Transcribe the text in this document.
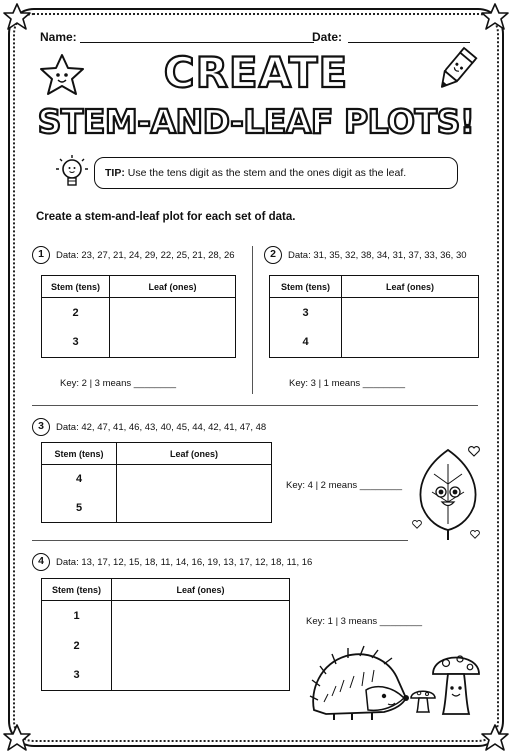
Name:	Date:
CREATE
STEM-AND-LEAF PLOTS!
TIP: Use the tens digit as the stem and the ones digit as the leaf.
Create a stem-and-leaf plot for each set of data.
1	Data: 23, 27, 21, 24, 29, 22, 25, 21, 28, 26
Stem (tens)	Leaf (ones)
2	
3	
Key: 2 | 3 means ________
2	Data: 31, 35, 32, 38, 34, 31, 37, 33, 36, 30
Stem (tens)	Leaf (ones)
3	
4	
Key: 3 | 1 means ________
3	Data: 42, 47, 41, 46, 43, 40, 45, 44, 42, 41, 47, 48
Stem (tens)	Leaf (ones)
4	
5	
Key: 4 | 2 means ________
4	Data: 13, 17, 12, 15, 18, 11, 14, 16, 19, 13, 17, 12, 18, 11, 16
Stem (tens)	Leaf (ones)
1	
2	
3	
Key: 1 | 3 means ________
